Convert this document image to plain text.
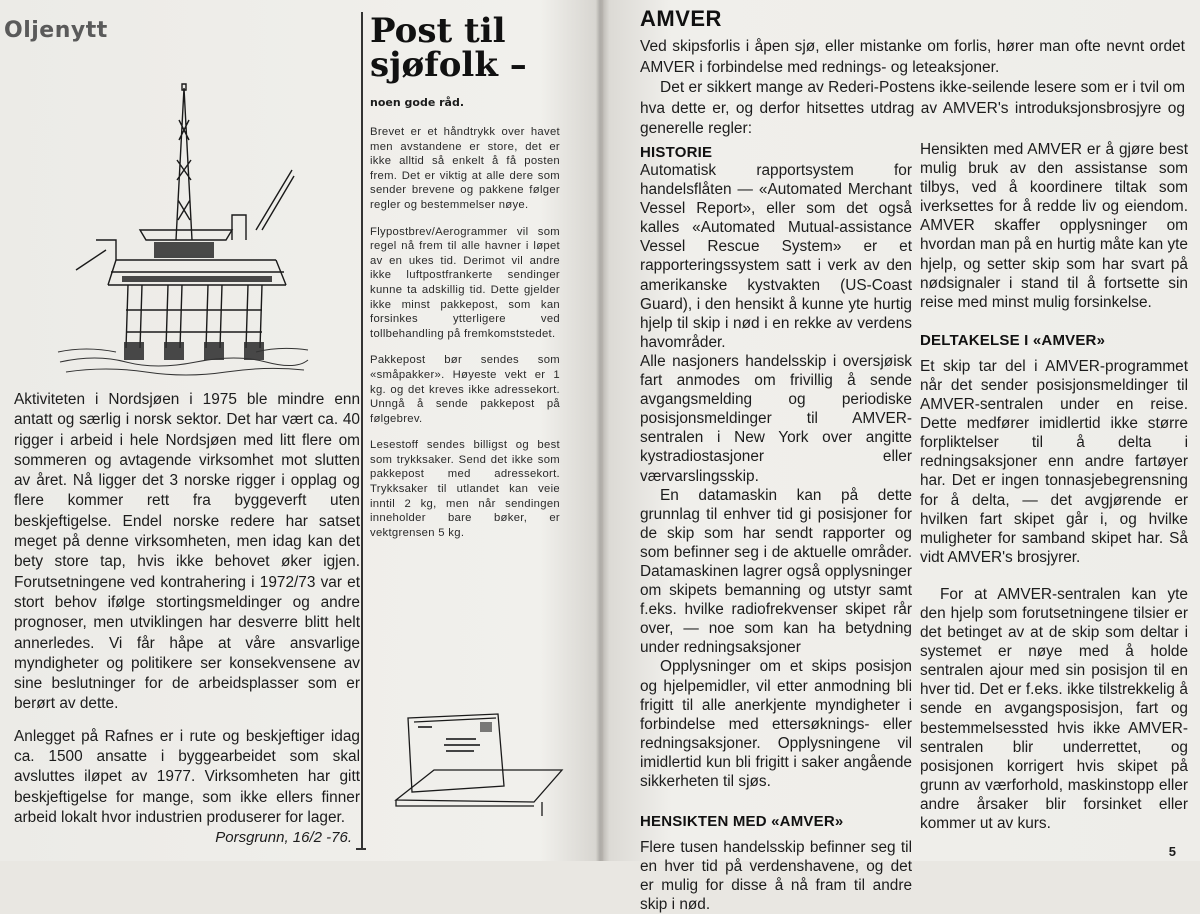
Oljenytt

Aktiviteten i Nordsjøen i 1975 ble mindre enn antatt og særlig i norsk sektor. Det har vært ca. 40 rigger i arbeid i hele Nordsjøen med litt flere om sommeren og avtagende virksomhet mot slutten av året. Nå ligger det 3 norske rigger i opplag og flere kommer rett fra byggeverft uten beskjeftigelse. Endel norske redere har satset meget på denne virksomheten, men idag kan det bety store tap, hvis ikke behovet øker igjen. Forutsetningene ved kontrahering i 1972/73 var et stort behov ifølge stortingsmeldinger og andre prognoser, men utviklingen har desverre blitt helt annerledes. Vi får håpe at våre ansvarlige myndigheter og politikere ser konsekvensene av sine beslutninger for de arbeidsplasser som er berørt av dette.

Anlegget på Rafnes er i rute og beskjeftiger idag ca. 1500 ansatte i byggearbeidet som skal avsluttes iløpet av 1977. Virksomheten har gitt beskjeftigelse for mange, som ikke ellers finner arbeid lokalt hvor industrien produserer for lager.

Porsgrunn, 16/2 -76.
Post til
sjøfolk –
noen gode råd.

Brevet er et håndtrykk over havet men avstandene er store, det er ikke alltid så enkelt å få posten frem. Det er viktig at alle dere som sender brevene og pakkene følger regler og bestemmelser nøye.

Flypostbrev/Aerogrammer vil som regel nå frem til alle havner i løpet av en ukes tid. Derimot vil andre ikke luftpostfrankerte sendinger kunne ta adskillig tid. Dette gjelder ikke minst pakkepost, som kan forsinkes ytterligere ved tollbehandling på fremkomststedet.

Pakkepost bør sendes som «småpakker». Høyeste vekt er 1 kg. og det kreves ikke adressekort. Unngå å sende pakkepost på følgebrev.

Lesestoff sendes billigst og best som trykksaker. Send det ikke som pakkepost med adressekort. Trykksaker til utlandet kan veie inntil 2 kg, men når sendingen inneholder bare bøker, er vektgrensen 5 kg.

AMVER

Ved skipsforlis i åpen sjø, eller mistanke om forlis, hører man ofte nevnt ordet AMVER i forbindelse med rednings- og leteaksjoner.

Det er sikkert mange av Rederi-Postens ikke-seilende lesere som er i tvil om hva dette er, og derfor hitsettes utdrag av AMVER's introduksjonsbrosjyre og generelle regler:

HISTORIE

Automatisk rapportsystem for handelsflåten — «Automated Merchant Vessel Report», eller som det også kalles «Automated Mutual-assistance Vessel Rescue System» er et rapporteringssystem satt i verk av den amerikanske kystvakten (US-Coast Guard), i den hensikt å kunne yte hurtig hjelp til skip i nød i en rekke av verdens havområder.

Alle nasjoners handelsskip i oversjøisk fart anmodes om frivillig å sende avgangsmelding og periodiske posisjonsmeldinger til AMVER-sentralen i New York over angitte kystradiostasjoner eller værvarslingsskip.

En datamaskin kan på dette grunnlag til enhver tid gi posisjoner for de skip som har sendt rapporter og som befinner seg i de aktuelle områder. Datamaskinen lagrer også opplysninger om skipets bemanning og utstyr samt f.eks. hvilke radiofrekvenser skipet rår over, — noe som kan ha betydning under redningsaksjoner

Opplysninger om et skips posisjon og hjelpemidler, vil etter anmodning bli frigitt til alle anerkjente myndigheter i forbindelse med ettersøknings- eller redningsaksjoner. Opplysningene vil imidlertid kun bli frigitt i saker angående sikkerheten til sjøs.

HENSIKTEN MED «AMVER»

Flere tusen handelsskip befinner seg til en hver tid på verdenshavene, og det er mulig for disse å nå fram til andre skip i nød.

Hensikten med AMVER er å gjøre best mulig bruk av den assistanse som tilbys, ved å koordinere tiltak som iverksettes for å redde liv og eiendom. AMVER skaffer opplysninger om hvordan man på en hurtig måte kan yte hjelp, og setter skip som har svart på nødsignaler i stand til å fortsette sin reise med minst mulig forsinkelse.

DELTAKELSE I «AMVER»

Et skip tar del i AMVER-programmet når det sender posisjonsmeldinger til AMVER-sentralen under en reise. Dette medfører imidlertid ikke større forpliktelser til å delta i redningsaksjoner enn andre fartøyer har. Det er ingen tonnasjebegrensning for å delta, — det avgjørende er hvilken fart skipet går i, og hvilke muligheter for samband skipet har. Så vidt AMVER's brosjyrer.

For at AMVER-sentralen kan yte den hjelp som forutsetningene tilsier er det betinget av at de skip som deltar i systemet er nøye med å holde sentralen ajour med sin posisjon til en hver tid. Det er f.eks. ikke tilstrekkelig å sende en avgangsposisjon, fart og bestemmelsessted hvis ikke AMVER-sentralen blir underrettet, og posisjonen korrigert hvis skipet på grunn av værforhold, maskinstopp eller andre årsaker blir forsinket eller kommer ut av kurs.

5
